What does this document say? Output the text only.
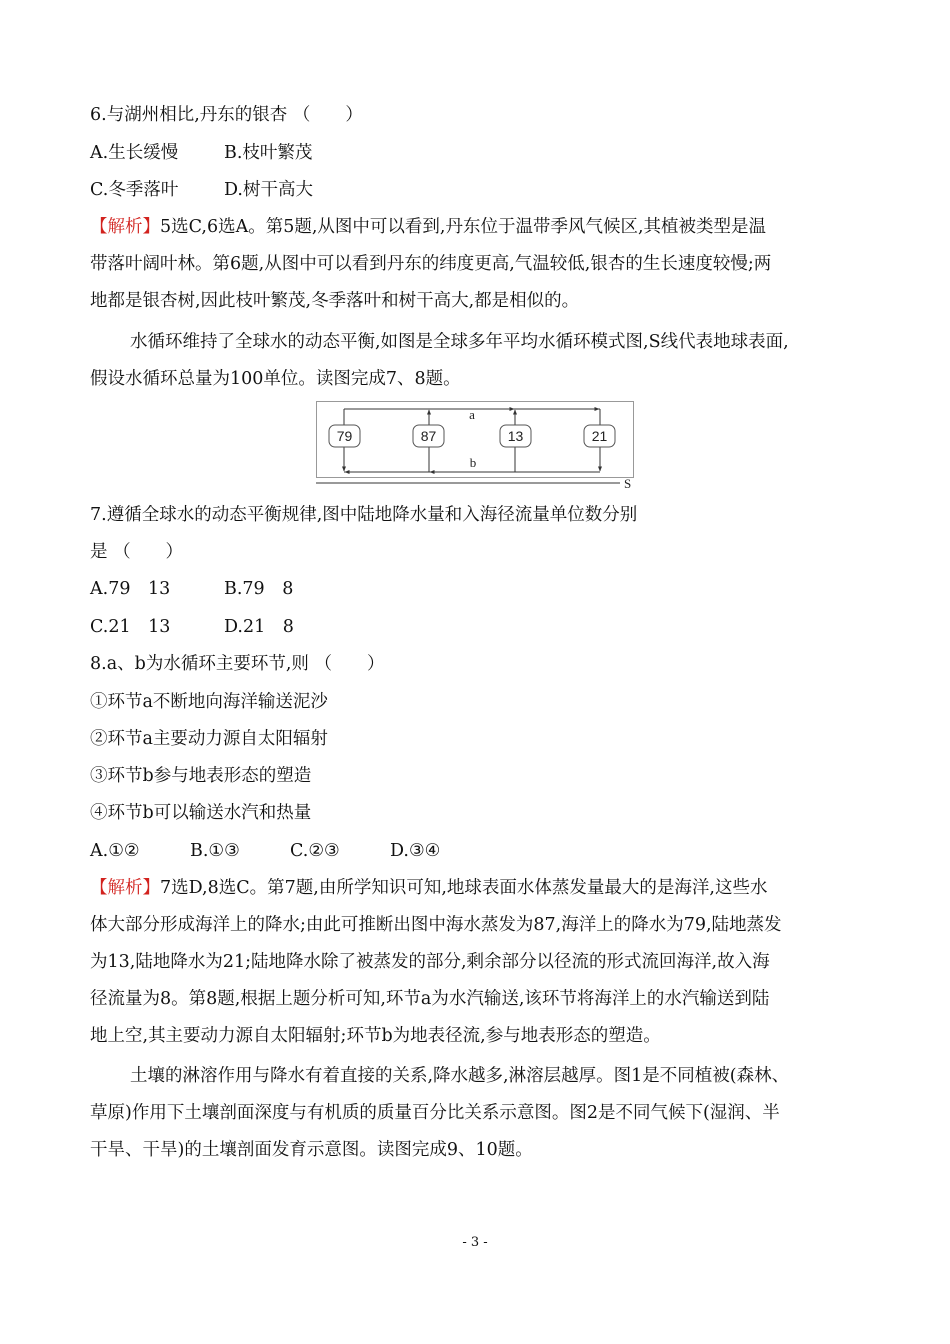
6.与湖州相比,丹东的银杏 （　　）
A.生长缓慢	B.枝叶繁茂
C.冬季落叶	D.树干高大
【解析】5选C,6选A。第5题,从图中可以看到,丹东位于温带季风气候区,其植被类型是温
带落叶阔叶林。第6题,从图中可以看到丹东的纬度更高,气温较低,银杏的生长速度较慢;两
地都是银杏树,因此枝叶繁茂,冬季落叶和树干高大,都是相似的。
水循环维持了全球水的动态平衡,如图是全球多年平均水循环模式图,S线代表地球表面,
假设水循环总量为100单位。读图完成7、8题。
79	87	13	21
a
b
S
7.遵循全球水的动态平衡规律,图中陆地降水量和入海径流量单位数分别
是 （　　）
A.79　13	B.79　8
C.21　13	D.21　8
8.a、b为水循环主要环节,则 （　　）
①环节a不断地向海洋输送泥沙
②环节a主要动力源自太阳辐射
③环节b参与地表形态的塑造
④环节b可以输送水汽和热量
A.①②	B.①③	C.②③	D.③④
【解析】7选D,8选C。第7题,由所学知识可知,地球表面水体蒸发量最大的是海洋,这些水
体大部分形成海洋上的降水;由此可推断出图中海水蒸发为87,海洋上的降水为79,陆地蒸发
为13,陆地降水为21;陆地降水除了被蒸发的部分,剩余部分以径流的形式流回海洋,故入海
径流量为8。第8题,根据上题分析可知,环节a为水汽输送,该环节将海洋上的水汽输送到陆
地上空,其主要动力源自太阳辐射;环节b为地表径流,参与地表形态的塑造。
土壤的淋溶作用与降水有着直接的关系,降水越多,淋溶层越厚。图1是不同植被(森林、
草原)作用下土壤剖面深度与有机质的质量百分比关系示意图。图2是不同气候下(湿润、半
干旱、干旱)的土壤剖面发育示意图。读图完成9、10题。
- 3 -
